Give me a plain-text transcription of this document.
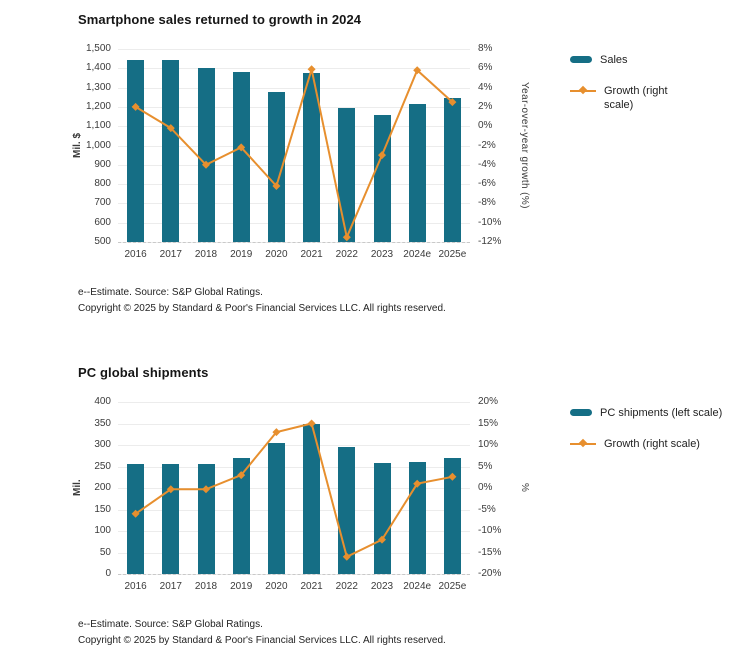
Smartphone sales returned to growth in 2024
Mil. $	Year-over-year growth (%)
1,500
1,400
1,300
1,200
1,100
1,000
900
800
700
600
500
8%
6%
4%
2%
0%
-2%
-4%
-6%
-8%
-10%
-12%
2016	2017	2018	2019	2020	2021	2022	2023	2024e 2025e
Sales
Growth (right scale)

e--Estimate. Source: S&P Global Ratings.

Copyright © 2025 by Standard & Poor's Financial Services LLC. All rights reserved.

PC global shipments
Mil.	%
400
350
300
250
200
150
100
50
0
20%
15%
10%
5%
0%
-5%
-10%
-15%
-20%
2016	2017	2018	2019	2020	2021	2022	2023	2024e 2025e
PC shipments (left scale)
Growth (right scale)

e--Estimate. Source: S&P Global Ratings.

Copyright © 2025 by Standard & Poor's Financial Services LLC. All rights reserved.
